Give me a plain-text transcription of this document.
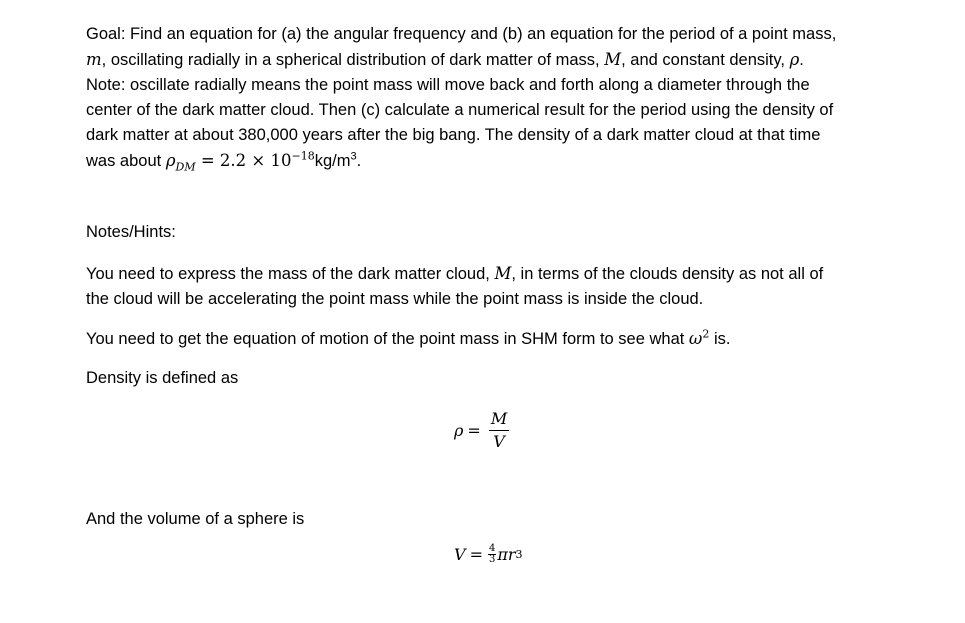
Goal: Find an equation for (a) the angular frequency and (b) an equation for the period of a point mass,
m, oscillating radially in a spherical distribution of dark matter of mass, M, and constant density, ρ.
Note: oscillate radially means the point mass will move back and forth along a diameter through the
center of the dark matter cloud. Then (c) calculate a numerical result for the period using the density of
dark matter at about 380,000 years after the big bang. The density of a dark matter cloud at that time
was about $\rho_{DM} = 2.2 \times 10^{-18}kg/m^3$.

Notes/Hints:

You need to express the mass of the dark matter cloud, M, in terms of the clouds density as not all of
the cloud will be accelerating the point mass while the point mass is inside the cloud.

You need to get the equation of motion of the point mass in SHM form to see what $\omega^2$ is.

Density is defined as

$\rho = \frac{M}{V}$

And the volume of a sphere is

$V = \frac{4}{3}$ π r 3
